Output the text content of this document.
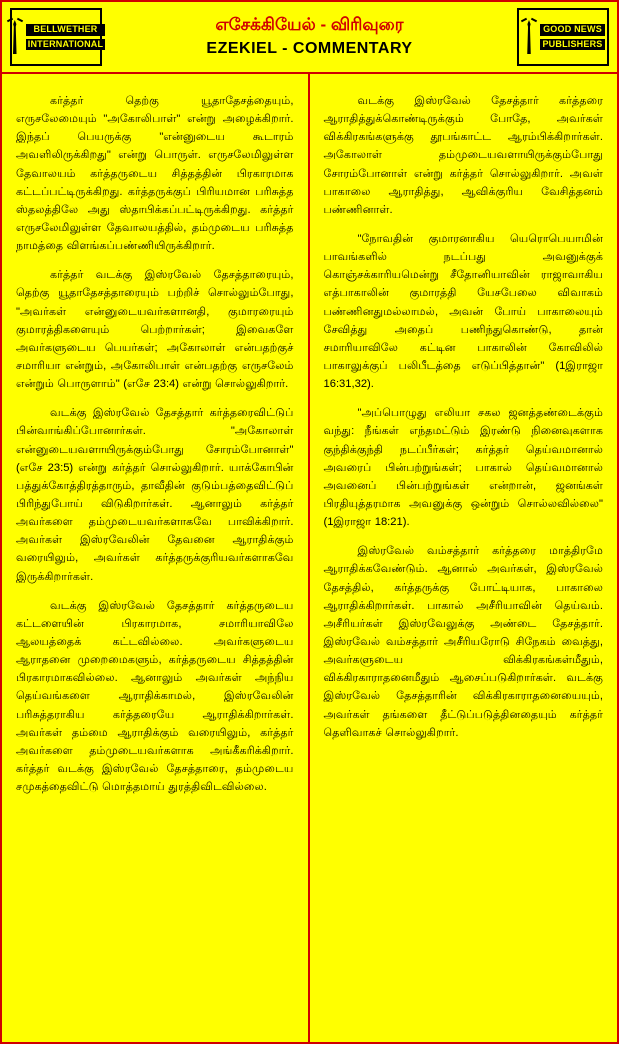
BELLWETHER
INTERNATIONAL
எசேக்கியேல் - விரிவுரை
EZEKIEL - COMMENTARY
GOOD NEWS
PUBLISHERS

கர்த்தர் தெற்கு யூதாதேசத்தையும், எருசலேமையும் "அகோலிபாள்" என்று அழைக்கிறார். இந்தப் பெயருக்கு "என்னுடைய கூடாரம் அவளிலிருக்கிறது" என்று பொருள். எருசலேமிலுள்ள தேவாலயம் கர்த்தருடைய சித்தத்தின் பிரகாரமாக கட்டப்பட்டிருக்கிறது. கர்த்தருக்குப் பிரியமான பரிசுத்த ஸ்தலத்திலே அது ஸ்தாபிக்கப்பட்டிருக்கிறது. கர்த்தர் எருசலேமிலுள்ள தேவாலயத்தில், தம்முடைய பரிசுத்த நாமத்தை விளங்கப்பண்ணியிருக்கிறார்.

கர்த்தர் வடக்கு இஸ்ரவேல் தேசத்தாரையும், தெற்கு யூதாதேசத்தாரையும் பற்றிச் சொல்லும்போது, "அவர்கள் என்னுடையவர்களானதி, குமாரரையும் குமாரத்திகளையும் பெற்றார்கள்; இவைகளே அவர்களுடைய பெயர்கள்; அகோலாள் என்பதற்குச் சமாரியா என்றும், அகோலிபாள் என்பதற்கு எருசலேம் என்றும் பொருளாம்" (எசே 23:4) என்று சொல்லுகிறார்.

வடக்கு இஸ்ரவேல் தேசத்தார் கர்த்தரைவிட்டுப் பின்வாங்கிப்போனார்கள். "அகோலாள் என்னுடையவளாயிருக்கும்போது சோரம்போனாள்" (எசே 23:5) என்று கர்த்தர் சொல்லுகிறார். யாக்கோபின் பத்துக்கோத்திரத்தாரும், தாவீதின் குடும்பத்தைவிட்டுப் பிரிந்துபோய் விடுகிறார்கள். ஆனாலும் கர்த்தர் அவர்களை தம்முடையவர்களாகவே பாவிக்கிறார். அவர்கள் இஸ்ரவேலின் தேவனை ஆராதிக்கும் வரையிலும், அவர்கள் கர்த்தருக்குரியவர்களாகவே இருக்கிறார்கள்.

வடக்கு இஸ்ரவேல் தேசத்தார் கர்த்தருடைய கட்டளையின் பிரகாரமாக, சமாரியாவிலே ஆலயத்தைக் கட்டவில்லை. அவர்களுடைய ஆராதனை முறைமைகளும், கர்த்தருடைய சித்தத்தின் பிரகாரமாகவில்லை. ஆனாலும் அவர்கள் அந்நிய தெய்வங்களை ஆராதிக்காமல், இஸ்ரவேலின் பரிசுத்தராகிய கர்த்தரையே ஆராதிக்கிறார்கள். அவர்கள் தம்மை ஆராதிக்கும் வரையிலும், கர்த்தர் அவர்களை தம்முடையவர்களாக அங்கீகரிக்கிறார். கர்த்தர் வடக்கு இஸ்ரவேல் தேசத்தாரை, தம்முடைய சமுகத்தைவிட்டு மொத்தமாய் துரத்திவிடவில்லை.

வடக்கு இஸ்ரவேல் தேசத்தார் கர்த்தரை ஆராதித்துக்கொண்டிருக்கும் போதே, அவர்கள் விக்கிரகங்களுக்கு தூபங்காட்ட ஆரம்பிக்கிறார்கள். அகோலாள் தம்முடையவளாயிருக்கும்போது சோரம்போனாள் என்று கர்த்தர் சொல்லுகிறார். அவள் பாகாலை ஆராதித்து, ஆவிக்குரிய வேசித்தனம் பண்ணினாள்.

"நோவதின் குமாரனாகிய யெரொபெயாமின் பாவங்களில் நடப்பது அவனுக்குக் கொஞ்சக்காரியமென்று சீதோனியாவின் ராஜாவாகிய எத்பாகாலின் குமாரத்தி யேசபேலை விவாகம் பண்ணினதுமல்லாமல், அவன் போய் பாகாலையும் சேவித்து அதைப் பணிந்துகொண்டு, தான் சமாரியாவிலே கட்டின பாகாலின் கோவிலில் பாகாலுக்குப் பலிபீடத்தை எடுப்பித்தான்" (1இராஜா 16:31,32).

"அப்பொழுது எலியா சகல ஜனத்தண்டைக்கும் வந்து: நீங்கள் எந்தமட்டும் இரண்டு நினைவுகளாக குந்திக்குந்தி நடப்பீர்கள்; கர்த்தர் தெய்வமானால் அவரைப் பின்பற்றுங்கள்; பாகால் தெய்வமானால் அவனைப் பின்பற்றுங்கள் என்றான், ஜனங்கள் பிரதியுத்தரமாக அவனுக்கு ஒன்றும் சொல்லவில்லை" (1இராஜா 18:21).

இஸ்ரவேல் வம்சத்தார் கர்த்தரை மாத்திரமே ஆராதிக்கவேண்டும். ஆனால் அவர்கள், இஸ்ரவேல் தேசத்தில், கர்த்தருக்கு போட்டியாக, பாகாலை ஆராதிக்கிறார்கள். பாகால் அசீரியாவின் தெய்வம். அசீரியர்கள் இஸ்ரவேலுக்கு அண்டை தேசத்தார். இஸ்ரவேல் வம்சத்தார் அசீரியரோடு சிநேகம் வைத்து, அவர்களுடைய விக்கிரகங்கள்மீதும், விக்கிரகாராதனைமீதும் ஆசைப்படுகிறார்கள். வடக்கு இஸ்ரவேல் தேசத்தாரின் விக்கிரகாராதனையையும், அவர்கள் தங்களை தீட்டுப்படுத்தினதையும் கர்த்தர் தெளிவாகச் சொல்லுகிறார்.
